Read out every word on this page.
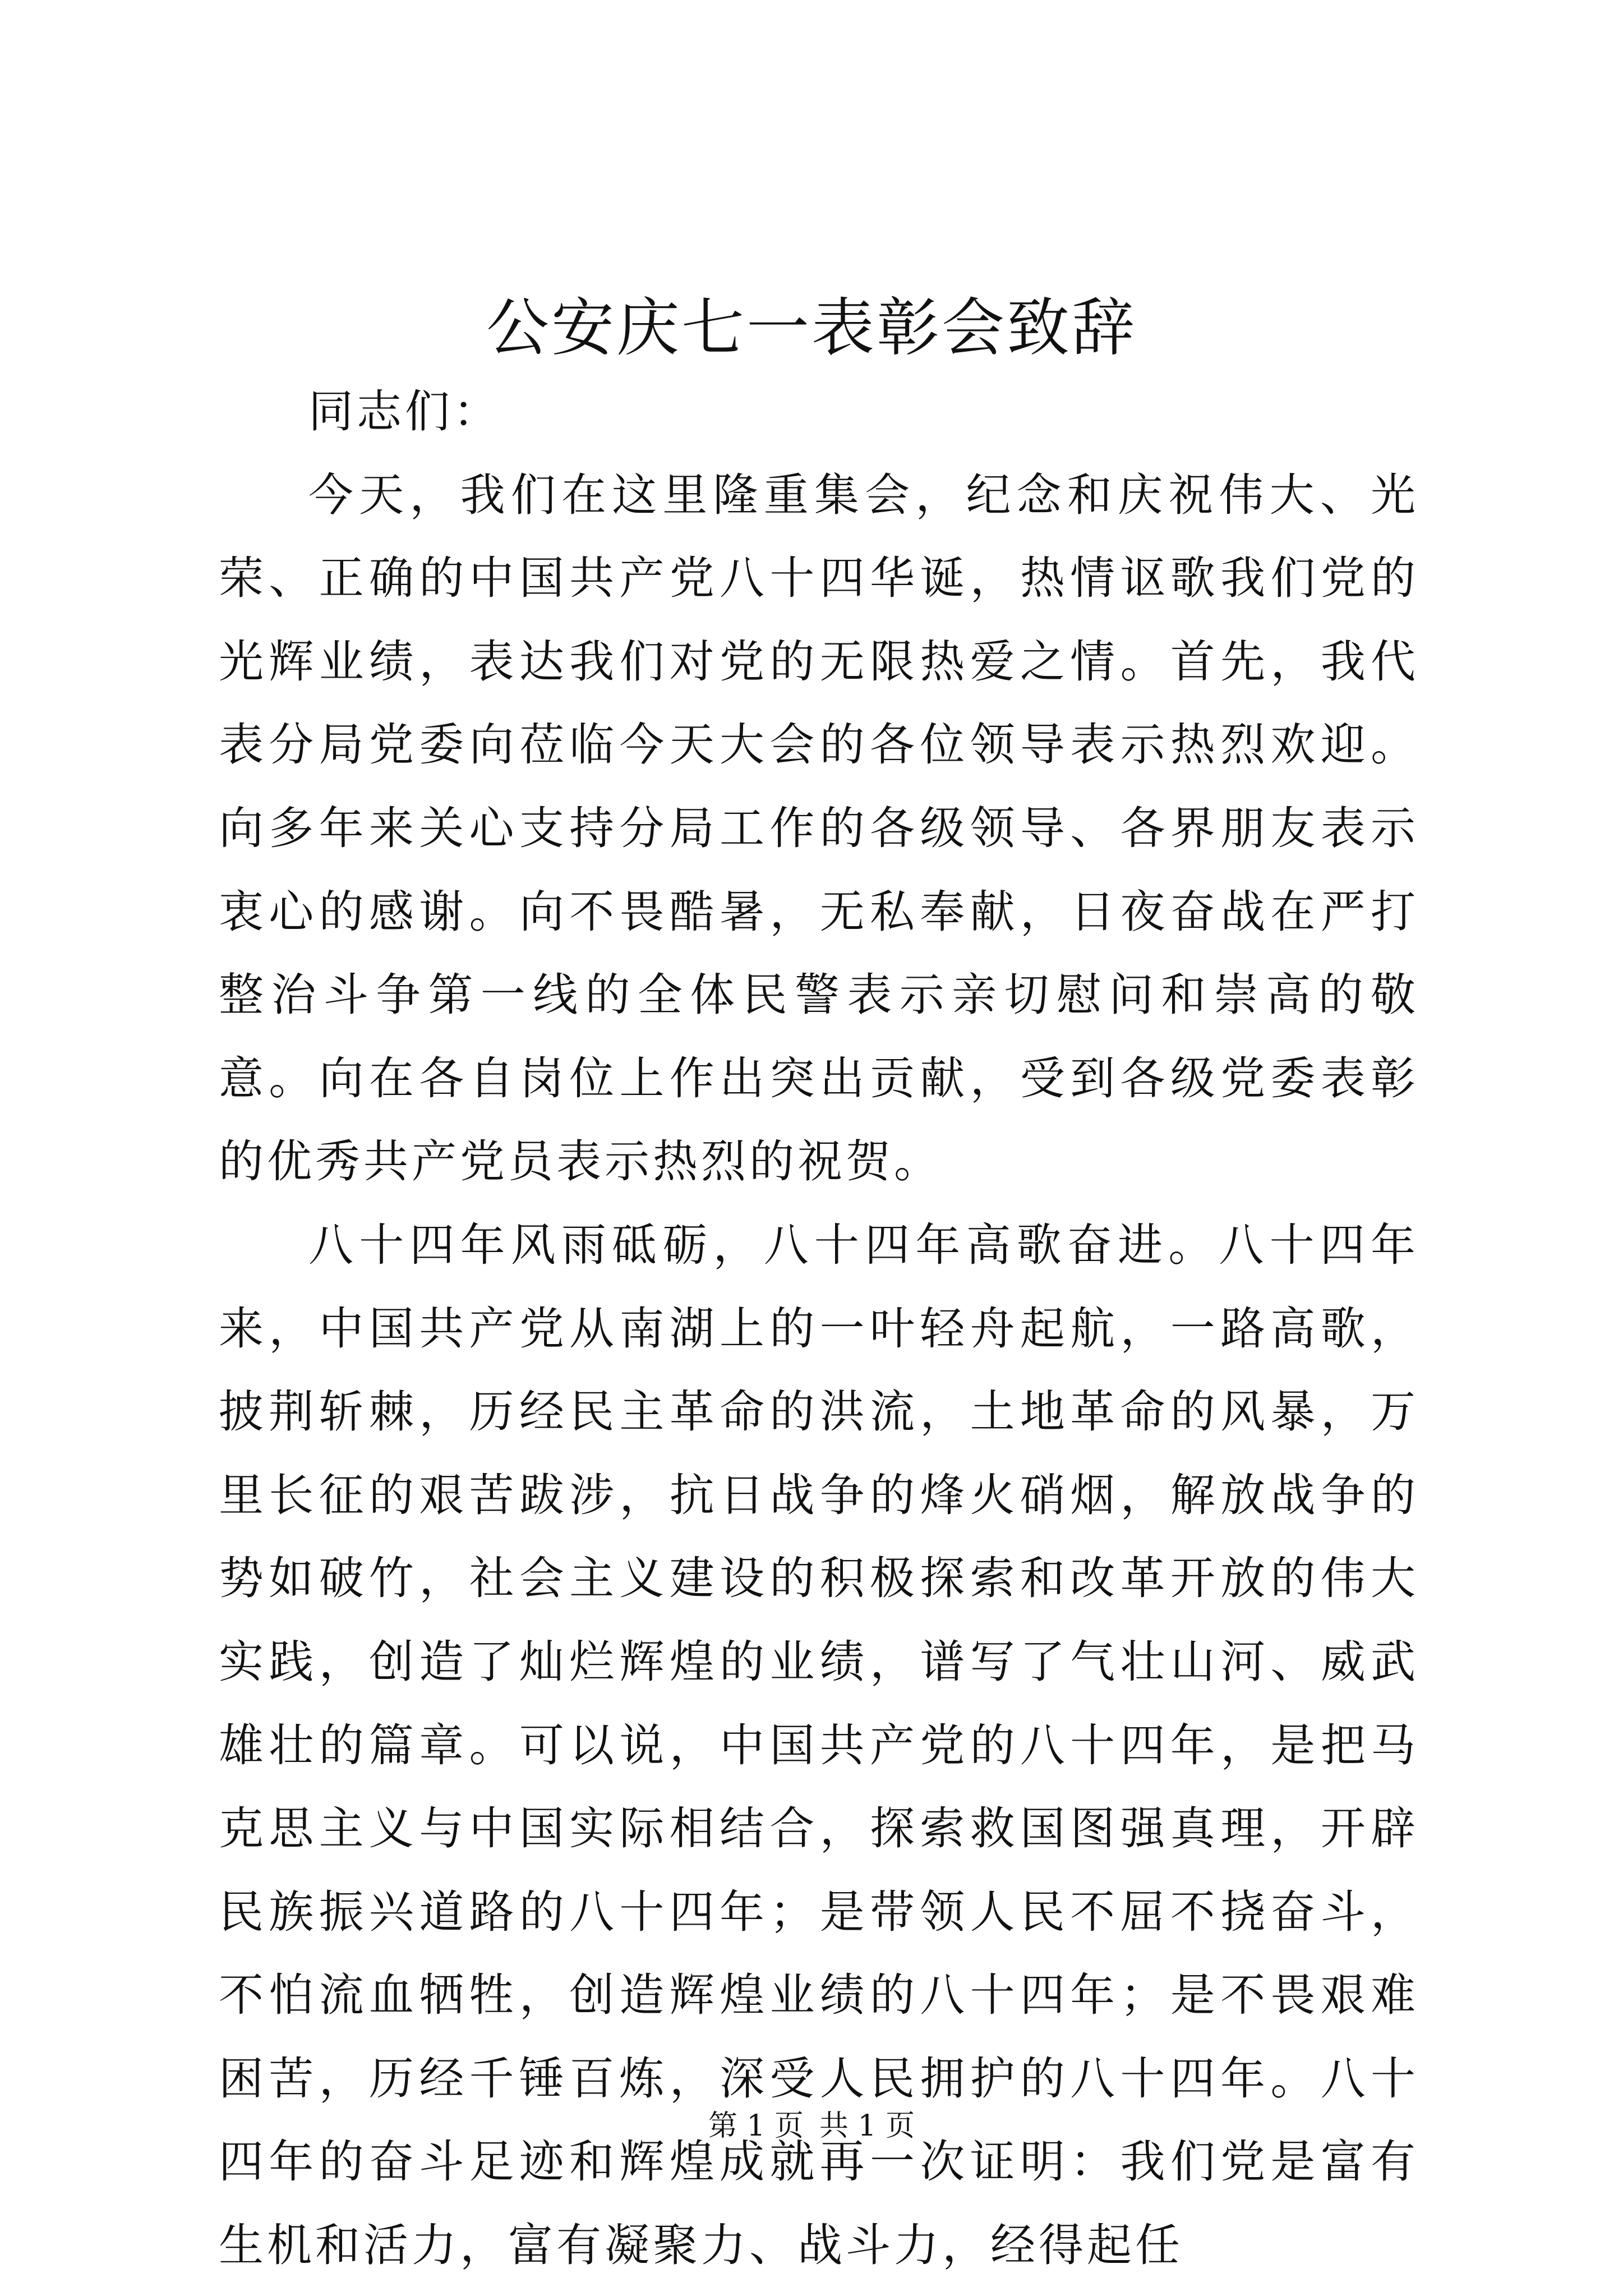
公安庆七一表彰会致辞

同志们：

今天，我们在这里隆重集会，纪念和庆祝伟大、光荣、正确的中国共产党八十四华诞，热情讴歌我们党的光辉业绩，表达我们对党的无限热爱之情。首先，我代表分局党委向莅临今天大会的各位领导表示热烈欢迎。向多年来关心支持分局工作的各级领导、各界朋友表示衷心的感谢。向不畏酷暑，无私奉献，日夜奋战在严打整治斗争第一线的全体民警表示亲切慰问和崇高的敬意。向在各自岗位上作出突出贡献，受到各级党委表彰的优秀共产党员表示热烈的祝贺。

八十四年风雨砥砺，八十四年高歌奋进。八十四年来，中国共产党从南湖上的一叶轻舟起航，一路高歌，披荆斩棘，历经民主革命的洪流，土地革命的风暴，万里长征的艰苦跋涉，抗日战争的烽火硝烟，解放战争的势如破竹，社会主义建设的积极探索和改革开放的伟大实践，创造了灿烂辉煌的业绩，谱写了气壮山河、威武雄壮的篇章。可以说，中国共产党的八十四年，是把马克思主义与中国实际相结合，探索救国图强真理，开辟民族振兴道路的八十四年；是带领人民不屈不挠奋斗，不怕流血牺牲，创造辉煌业绩的八十四年；是不畏艰难困苦，历经千锤百炼，深受人民拥护的八十四年。八十四年的奋斗足迹和辉煌成就再一次证明：我们党是富有生机和活力，富有凝聚力、战斗力，经得起任

第 1 页 共 1 页
